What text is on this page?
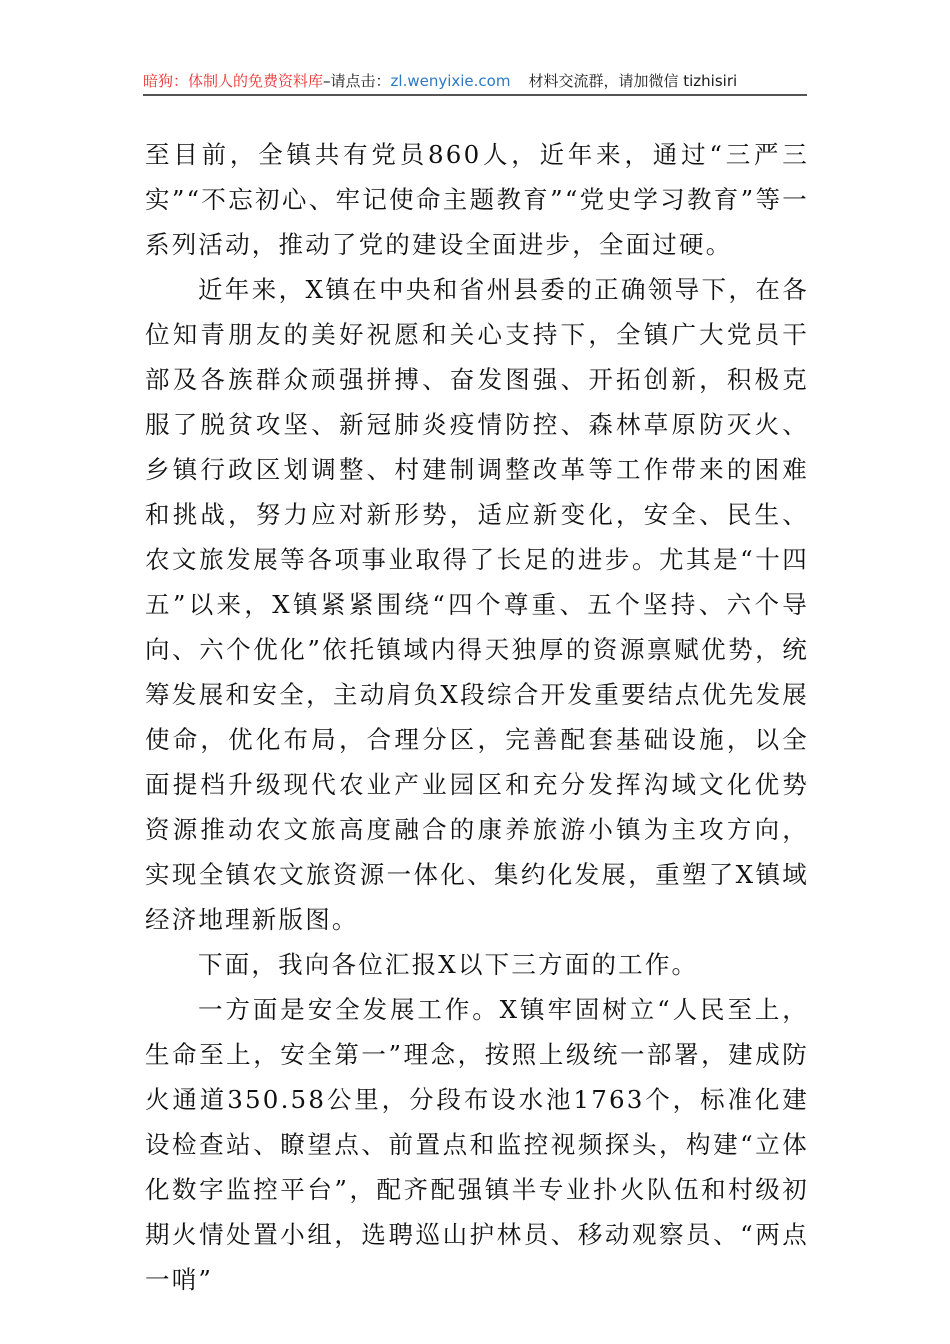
暗狗：体制人的免费资料库–请点击：zl.wenyixie.com 材料交流群，请加微信 tizhisiri

至目前，全镇共有党员860人，近年来，通过“三严三实”“不忘初心、牢记使命主题教育”“党史学习教育”等一系列活动，推动了党的建设全面进步，全面过硬。

近年来，X镇在中央和省州县委的正确领导下，在各位知青朋友的美好祝愿和关心支持下，全镇广大党员干部及各族群众顽强拼搏、奋发图强、开拓创新，积极克服了脱贫攻坚、新冠肺炎疫情防控、森林草原防灭火、乡镇行政区划调整、村建制调整改革等工作带来的困难和挑战，努力应对新形势，适应新变化，安全、民生、农文旅发展等各项事业取得了长足的进步。尤其是“十四五”以来，X镇紧紧围绕“四个尊重、五个坚持、六个导向、六个优化”依托镇域内得天独厚的资源禀赋优势，统筹发展和安全，主动肩负X段综合开发重要结点优先发展使命，优化布局，合理分区，完善配套基础设施，以全面提档升级现代农业产业园区和充分发挥沟域文化优势资源推动农文旅高度融合的康养旅游小镇为主攻方向，实现全镇农文旅资源一体化、集约化发展，重塑了X镇域经济地理新版图。

下面，我向各位汇报X以下三方面的工作。

一方面是安全发展工作。X镇牢固树立“人民至上，生命至上，安全第一”理念，按照上级统一部署，建成防火通道350.58公里，分段布设水池1763个，标准化建设检查站、瞭望点、前置点和监控视频探头，构建“立体化数字监控平台”，配齐配强镇半专业扑火队伍和村级初期火情处置小组，选聘巡山护林员、移动观察员、“两点一哨”
